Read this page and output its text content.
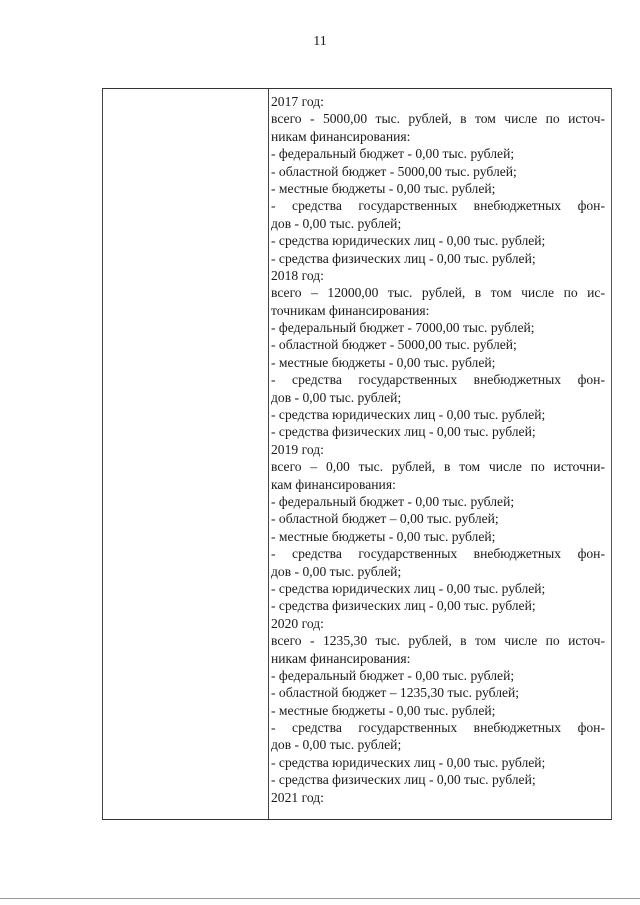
11
2017 год:
всего - 5000,00 тыс. рублей, в том числе по источ-
никам финансирования:
- федеральный бюджет - 0,00 тыс. рублей;
- областной бюджет - 5000,00 тыс. рублей;
- местные бюджеты - 0,00 тыс. рублей;
- средства государственных внебюджетных фон-
дов - 0,00 тыс. рублей;
- средства юридических лиц - 0,00 тыс. рублей;
- средства физических лиц - 0,00 тыс. рублей;
2018 год:
всего – 12000,00 тыс. рублей, в том числе по ис-
точникам финансирования:
- федеральный бюджет - 7000,00 тыс. рублей;
- областной бюджет - 5000,00 тыс. рублей;
- местные бюджеты - 0,00 тыс. рублей;
- средства государственных внебюджетных фон-
дов - 0,00 тыс. рублей;
- средства юридических лиц - 0,00 тыс. рублей;
- средства физических лиц - 0,00 тыс. рублей;
2019 год:
всего – 0,00 тыс. рублей, в том числе по источни-
кам финансирования:
- федеральный бюджет - 0,00 тыс. рублей;
- областной бюджет – 0,00 тыс. рублей;
- местные бюджеты - 0,00 тыс. рублей;
- средства государственных внебюджетных фон-
дов - 0,00 тыс. рублей;
- средства юридических лиц - 0,00 тыс. рублей;
- средства физических лиц - 0,00 тыс. рублей;
2020 год:
всего - 1235,30 тыс. рублей, в том числе по источ-
никам финансирования:
- федеральный бюджет - 0,00 тыс. рублей;
- областной бюджет – 1235,30 тыс. рублей;
- местные бюджеты - 0,00 тыс. рублей;
- средства государственных внебюджетных фон-
дов - 0,00 тыс. рублей;
- средства юридических лиц - 0,00 тыс. рублей;
- средства физических лиц - 0,00 тыс. рублей;
2021 год:
